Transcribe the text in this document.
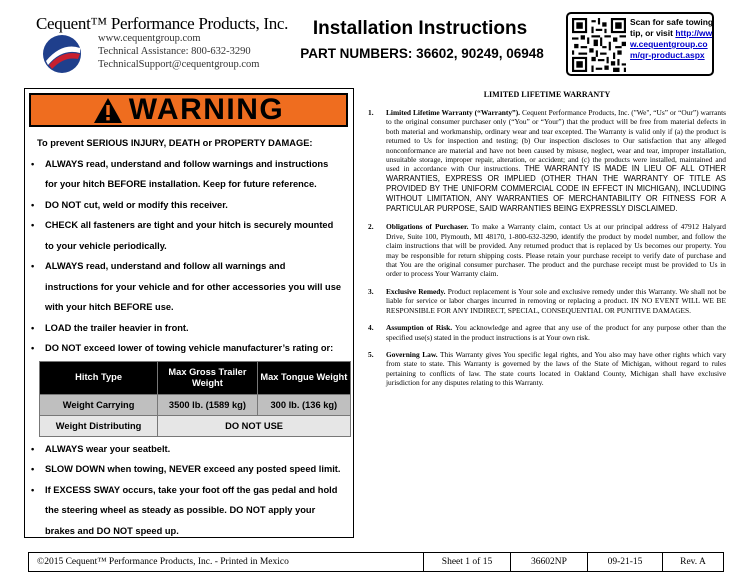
Cequent™ Performance Products, Inc.
www.cequentgroup.com
Technical Assistance: 800-632-3290
TechnicalSupport@cequentgroup.com
Installation Instructions
PART NUMBERS: 36602, 90249, 06948
Scan for safe towing tip, or visit http://www.cequentgroup.com/qr-product.aspx
WARNING
To prevent SERIOUS INJURY, DEATH or PROPERTY DAMAGE:
• ALWAYS read, understand and follow warnings and instructions
for your hitch BEFORE installation. Keep for future reference.
• DO NOT cut, weld or modify this receiver.
• CHECK all fasteners are tight and your hitch is securely mounted
to your vehicle periodically.
• ALWAYS read, understand and follow all warnings and
instructions for your vehicle and for other accessories you will use
with your hitch BEFORE use.
• LOAD the trailer heavier in front.
• DO NOT exceed lower of towing vehicle manufacturer’s rating or:
Hitch Type	Max Gross Trailer Weight	Max Tongue Weight
Weight Carrying	3500 lb. (1589 kg)	300 lb. (136 kg)
Weight Distributing	DO NOT USE	
• ALWAYS wear your seatbelt.
• SLOW DOWN when towing, NEVER exceed any posted speed limit.
• If EXCESS SWAY occurs, take your foot off the gas pedal and hold
the steering wheel as steady as possible. DO NOT apply your
brakes and DO NOT speed up.
LIMITED LIFETIME WARRANTY
1. Limited Lifetime Warranty (“Warranty”). Cequent Performance Products, Inc. ("We", “Us” or “Our”) warrants to the original consumer purchaser only (“You” or “Your”) that the product will be free from material defects in both material and workmanship, ordinary wear and tear excepted. The Warranty is valid only if (a) the product is returned to Us for inspection and testing; (b) Our inspection discloses to Our satisfaction that any alleged nonconformance are material and have not been caused by misuse, neglect, wear and tear, improper installation, unsuitable storage, improper repair, alteration, or accident; and (c) the products were installed, maintained and used in accordance with Our instructions. THE WARRANTY IS MADE IN LIEU OF ALL OTHER WARRANTIES, EXPRESS OR IMPLIED (OTHER THAN THE WARRANTY OF TITLE AS PROVIDED BY THE UNIFORM COMMERCIAL CODE IN EFFECT IN MICHIGAN), INCLUDING WITHOUT LIMITATION, ANY WARRANTIES OF MERCHANTABILITY OR FITNESS FOR A PARTICULAR PURPOSE, SAID WARRANTIES BEING EXPRESSLY DISCLAIMED.
2. Obligations of Purchaser. To make a Warranty claim, contact Us at our principal address of 47912 Halyard Drive, Suite 100, Plymouth, MI 48170, 1-800-632-3290, identify the product by model number, and follow the claim instructions that will be provided. Any returned product that is replaced by Us becomes our property. You may be responsible for return shipping costs. Please retain your purchase receipt to verify date of purchase and that You are the original consumer purchaser. The product and the purchase receipt must be provided to Us in order to process Your Warranty claim.
3. Exclusive Remedy. Product replacement is Your sole and exclusive remedy under this Warranty. We shall not be liable for service or labor charges incurred in removing or replacing a product. IN NO EVENT WILL WE BE RESPONSIBLE FOR ANY INDIRECT, SPECIAL, CONSEQUENTIAL OR PUNITIVE DAMAGES.
4. Assumption of Risk. You acknowledge and agree that any use of the product for any purpose other than the specified use(s) stated in the product instructions is at Your own risk.
5. Governing Law. This Warranty gives You specific legal rights, and You also may have other rights which vary from state to state. This Warranty is governed by the laws of the State of Michigan, without regard to rules pertaining to conflicts of law. The state courts located in Oakland County, Michigan shall have exclusive jurisdiction for any disputes relating to this Warranty.
©2015 Cequent™ Performance Products, Inc. - Printed in Mexico	Sheet 1 of 15	36602NP	09-21-15	Rev. A
